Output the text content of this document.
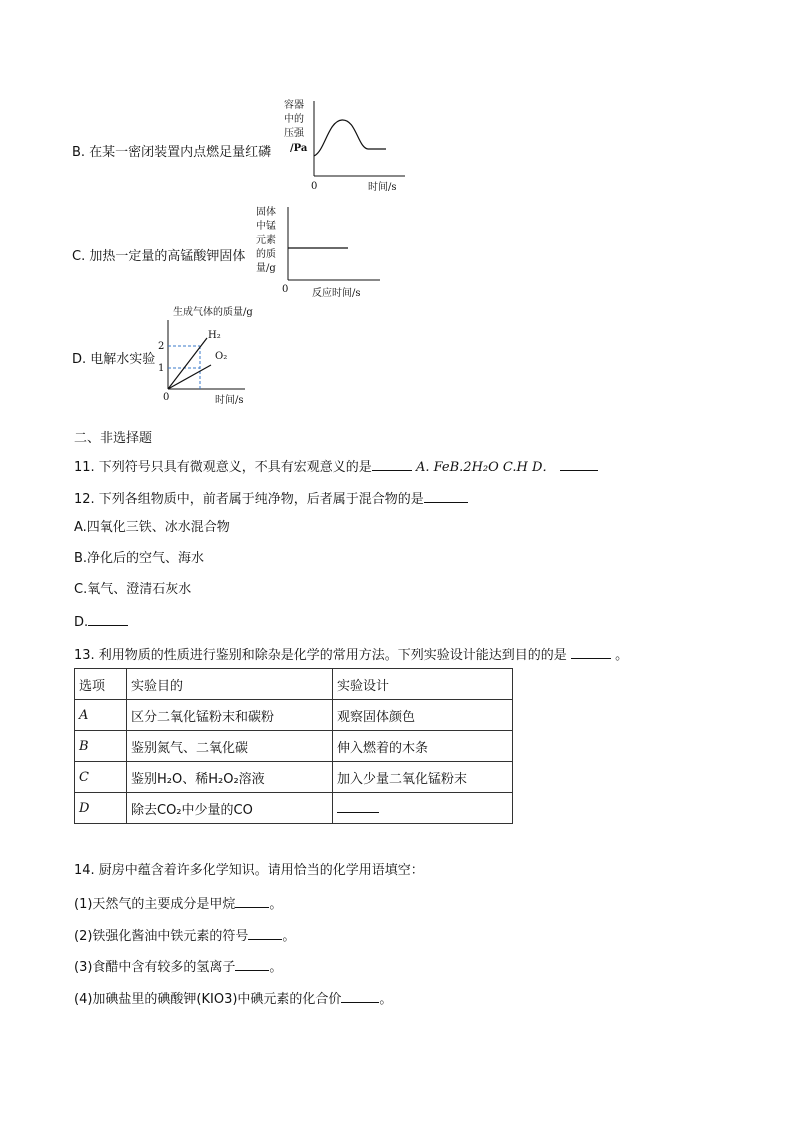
B. 在某一密闭装置内点燃足量红磷
容器
中的
压强
/Pa
0	时间/s
C. 加热一定量的高锰酸钾固体
固体
中锰
元素
的质
量/g
0 反应时间/s
D. 电解水实验
生成气体的质量/g
2
1
H₂
O₂
0	时间/s
二、非选择题
11. 下列符号只具有微观意义，不具有宏观意义的是	A. FeB.2H₂O C.H D．
12. 下列各组物质中，前者属于纯净物，后者属于混合物的是
A.四氧化三铁、冰水混合物
B.净化后的空气、海水
C.氧气、澄清石灰水
D.
13. 利用物质的性质进行鉴别和除杂是化学的常用方法。下列实验设计能达到目的的是	。
选项	实验目的	实验设计
A	区分二氧化锰粉末和碳粉	观察固体颜色
B	鉴别氮气、二氧化碳	伸入燃着的木条
C	鉴别H₂O、稀H₂O₂溶液	加入少量二氧化锰粉末
D	除去CO₂中少量的CO	
14. 厨房中蕴含着许多化学知识。请用恰当的化学用语填空：
(1)天然气的主要成分是甲烷	。
(2)铁强化酱油中铁元素的符号	。
(3)食醋中含有较多的氢离子	。
(4)加碘盐里的碘酸钾(KIO3)中碘元素的化合价	。
